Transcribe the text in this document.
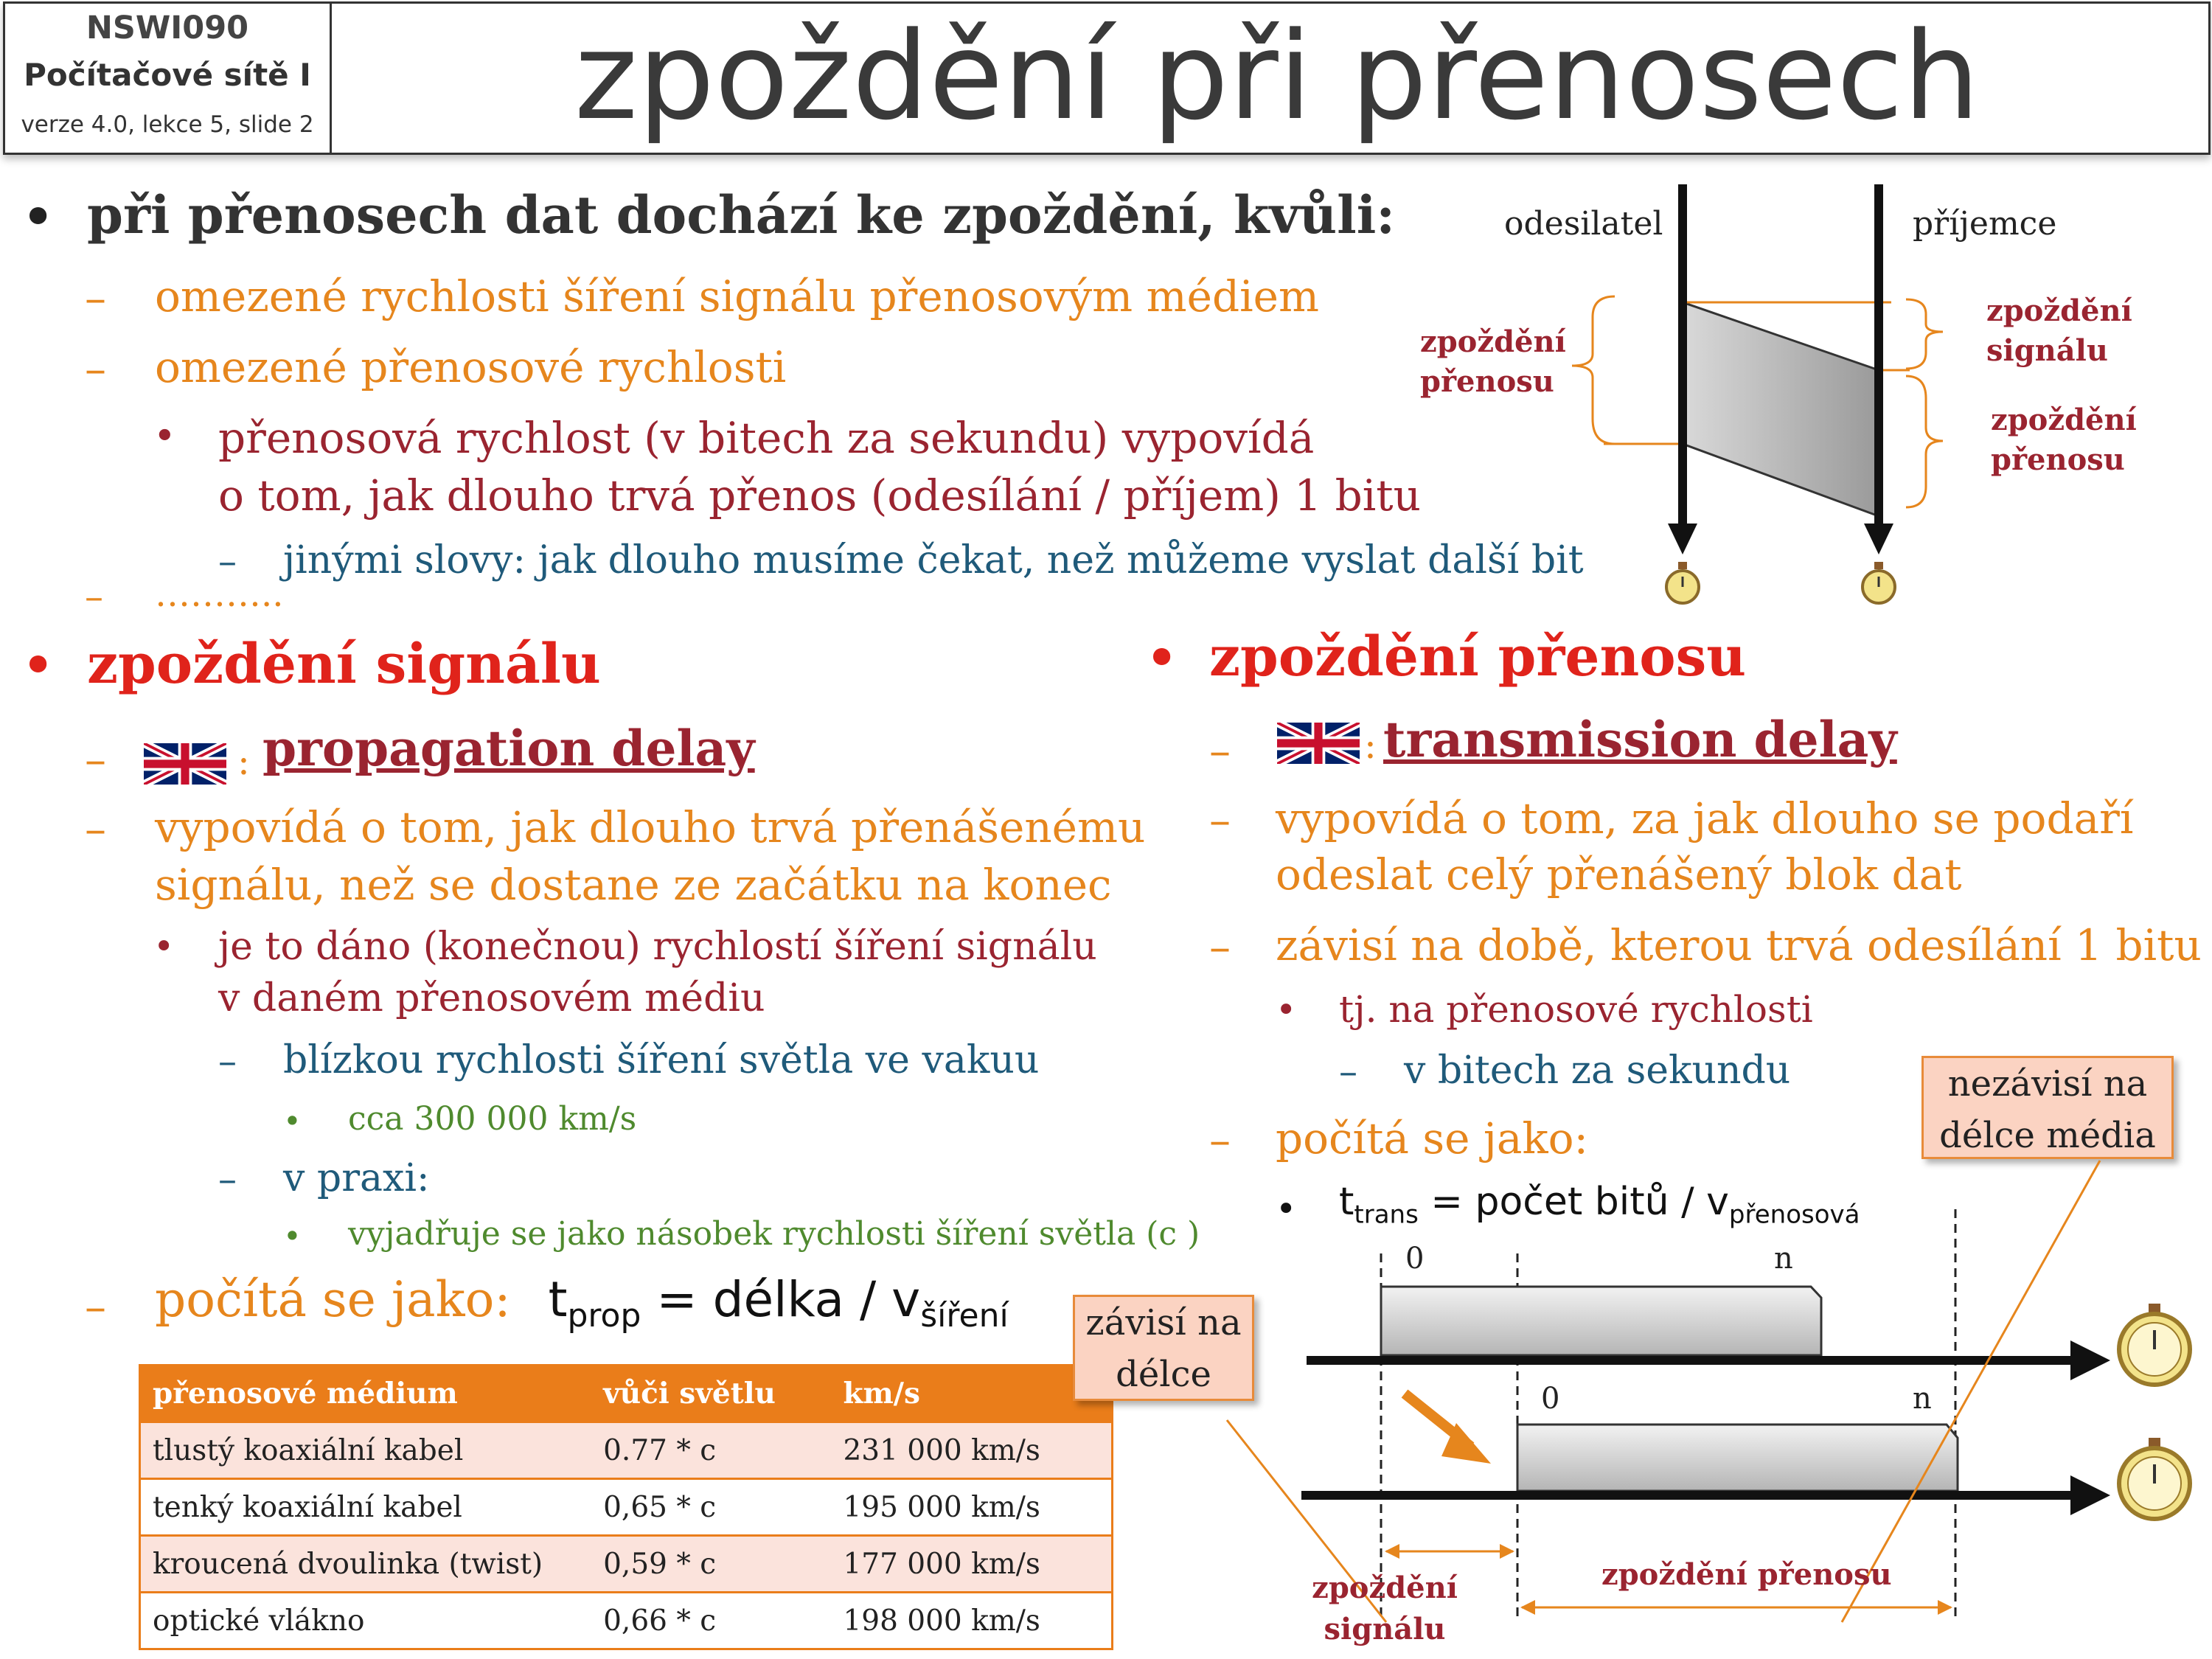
NSWI090
Počítačové sítě I
verze 4.0, lekce 5, slide 2	zpoždění při přenosech
• při přenosech dat dochází ke zpoždění, kvůli:
– omezené rychlosti šíření signálu přenosovým médiem
– omezené přenosové rychlosti
• přenosová rychlost (v bitech za sekundu) vypovídá
o tom, jak dlouho trvá přenos (odesílání / příjem) 1 bitu
– jinými slovy: jak dlouho musíme čekat, než můžeme vyslat další bit
– ………..
odesilatel	příjemce
zpoždění
přenosu
zpoždění
signálu
zpoždění
přenosu
• zpoždění signálu
–	: propagation delay
– vypovídá o tom, jak dlouho trvá přenášenému
signálu, než se dostane ze začátku na konec
• je to dáno (konečnou) rychlostí šíření signálu
v daném přenosovém médiu
– blízkou rychlosti šíření světla ve vakuu
• cca 300 000 km/s
– v praxi:
• vyjadřuje se jako násobek rychlosti šíření světla (c )
– počítá se jako: $t_{prop}$ = délka / $v_{šíření}$
přenosové médium	vůči světlu	km/s
tlustý koaxiální kabel	0.77 * c	231 000 km/s
tenký koaxiální kabel	0,65 * c	195 000 km/s
kroucená dvoulinka (twist)	0,59 * c	177 000 km/s
optické vlákno	0,66 * c	198 000 km/s
• zpoždění přenosu
–	: transmission delay
– vypovídá o tom, za jak dlouho se podaří
odeslat celý přenášený blok dat
– závisí na době, kterou trvá odesílání 1 bitu
• tj. na přenosové rychlosti
– v bitech za sekundu
– počítá se jako:
• $t_{trans}$ = počet bitů / $v_{přenosová}$
závisí na
délce
nezávisí na
délce média
0	n
0	n
zpoždění
signálu
zpoždění přenosu
